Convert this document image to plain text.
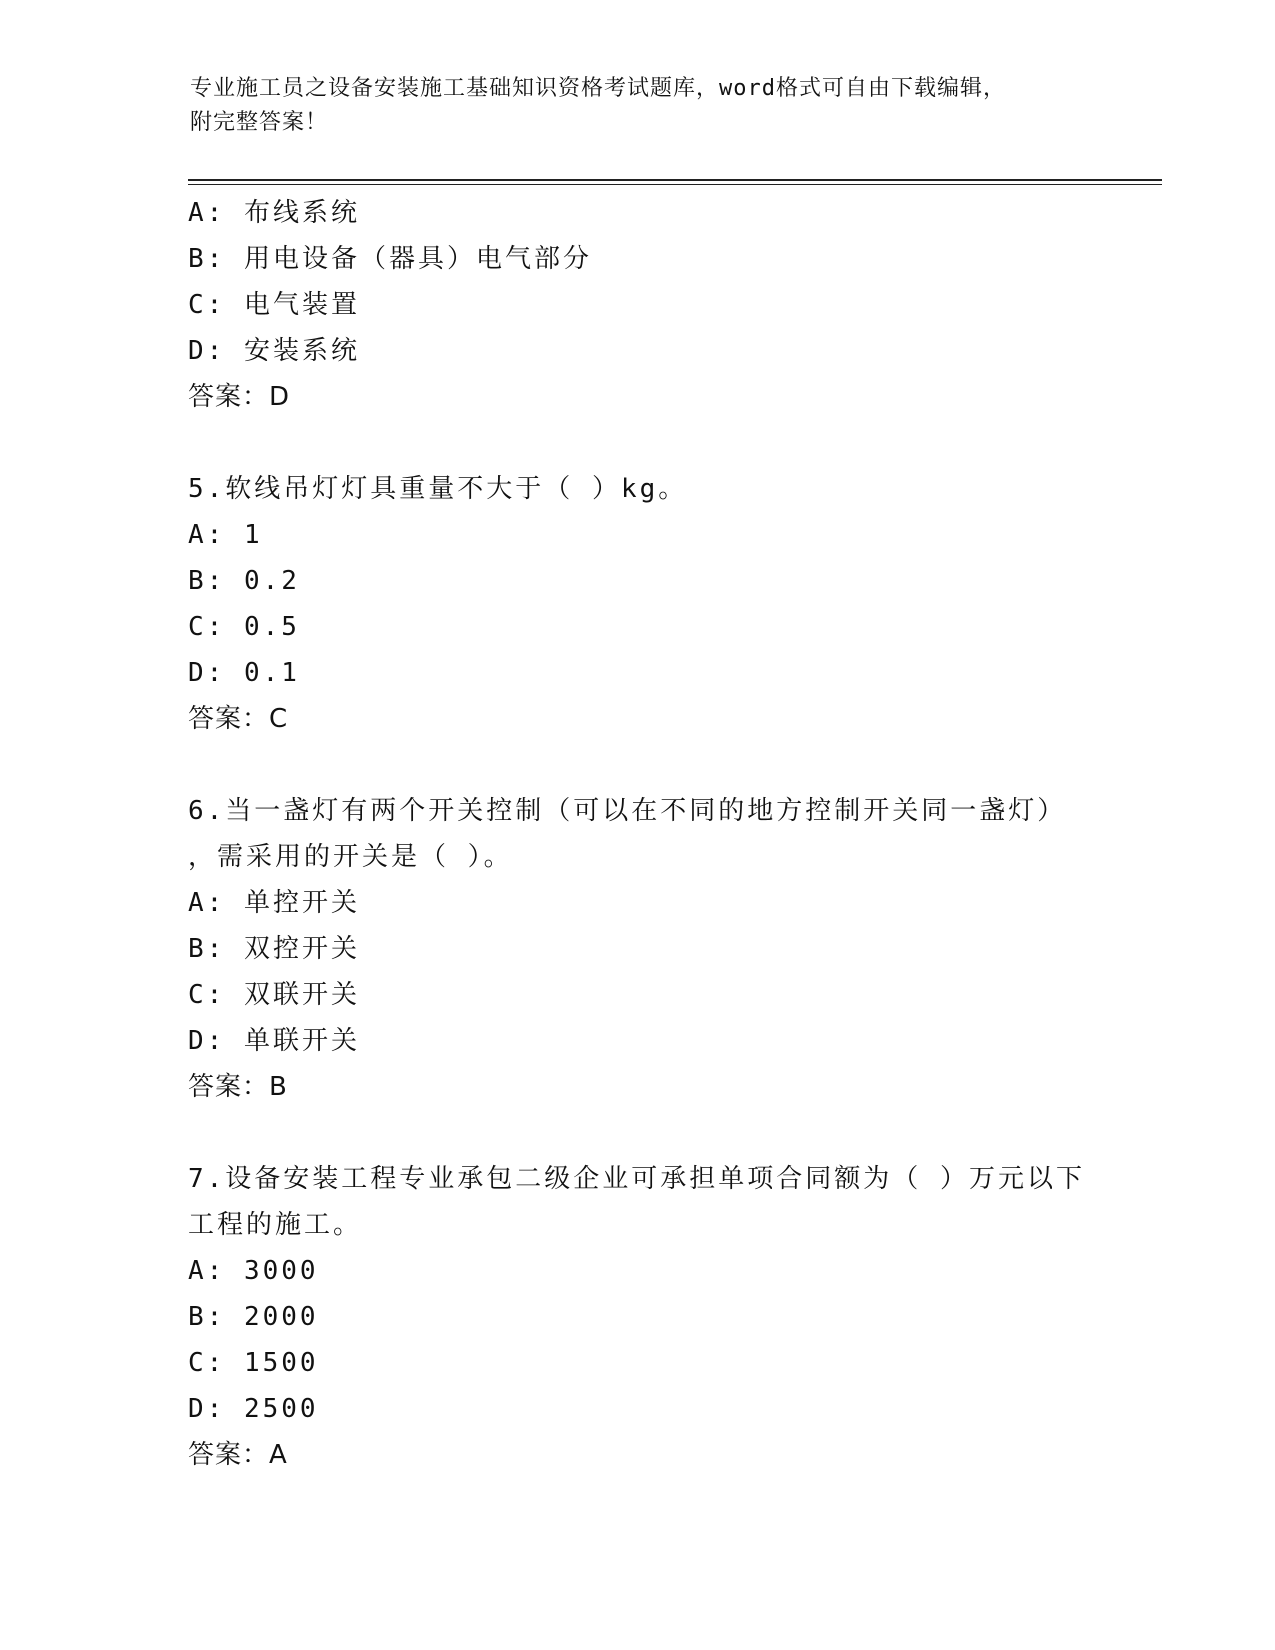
专业施工员之设备安装施工基础知识资格考试题库，word格式可自由下载编辑，
附完整答案！
A: 布线系统
B: 用电设备（器具）电气部分
C: 电气装置
D: 安装系统
答案：D
5.软线吊灯灯具重量不大于（ ）kg。
A: 1
B: 0.2
C: 0.5
D: 0.1
答案：C
6.当一盏灯有两个开关控制（可以在不同的地方控制开关同一盏灯）
，需采用的开关是（ ）。
A: 单控开关
B: 双控开关
C: 双联开关
D: 单联开关
答案：B
7.设备安装工程专业承包二级企业可承担单项合同额为（ ）万元以下
工程的施工。
A: 3000
B: 2000
C: 1500
D: 2500
答案：A
